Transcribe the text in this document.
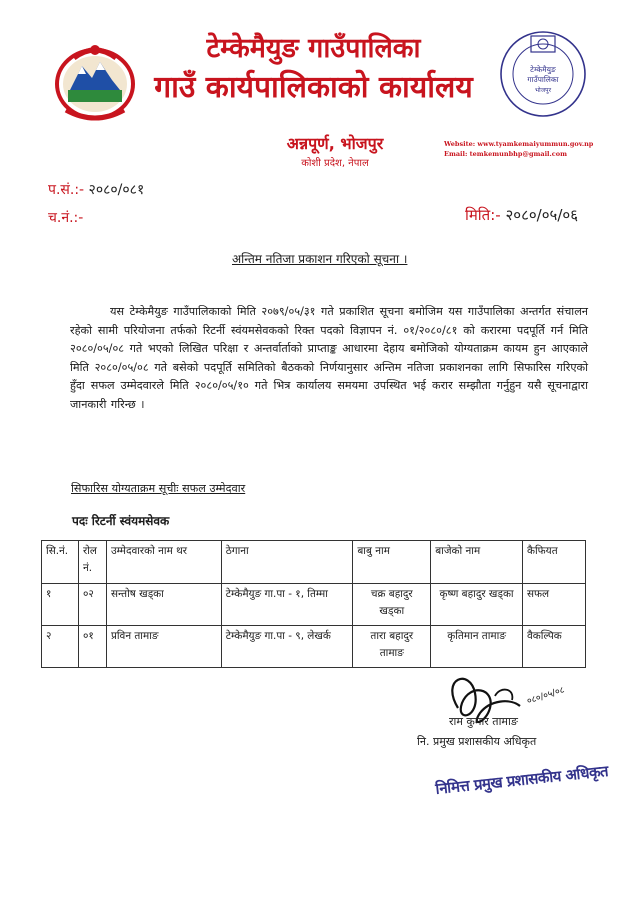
टेम्केमैयुङ गाउँपालिका
गाउँ कार्यपालिकाको कार्यालय
टेम्केमैयुङ
गाउँपालिका
भोजपुर
अन्नपूर्ण, भोजपुर
कोशी प्रदेश, नेपाल
Website: www.tyamkemaiyummun.gov.np
Email: temkemunbhp@gmail.com
प.सं.:- २०८०/०८१
च.नं.:-	मिति:- २०८०/०५/०६
अन्तिम नतिजा प्रकाशन गरिएको सूचना ।
यस टेम्केमैयुङ गाउँपालिकाको मिति २०७९/०५/३१ गते प्रकाशित सूचना बमोजिम यस गाउँपालिका अन्तर्गत संचालन रहेको सामी परियोजना तर्फको रिटर्नी स्वंयमसेवकको रिक्त पदको विज्ञापन नं. ०१/२०८०/८१ को करारमा पदपूर्ति गर्न मिति २०८०/०५/०८ गते भएको लिखित परिक्षा र अन्तर्वार्ताको प्राप्ताङ्क आधारमा देहाय बमोजिको योग्यताक्रम कायम हुन आएकाले मिति २०८०/०५/०८ गते बसेको पदपूर्ति समितिको बैठकको निर्णयानुसार अन्तिम नतिजा प्रकाशनका लागि सिफारिस गरिएको हुँदा सफल उम्मेदवारले मिति २०८०/०५/१० गते भित्र कार्यालय समयमा उपस्थित भई करार सम्झौता गर्नुहुन यसै सूचनाद्वारा जानकारी गरिन्छ ।
सिफारिस योग्यताक्रम सूचीः सफल उम्मेदवार
पदः रिटर्नी स्वंयमसेवक
सि.नं.	रोल नं.	उम्मेदवारको नाम थर	ठेगाना	बाबु नाम	बाजेको नाम	कैफियत
१	०२	सन्तोष खड्का	टेम्केमैयुङ गा.पा - १, तिम्मा	चक्र बहादुर खड्का	कृष्ण बहादुर खड्का	सफल
२	०१	प्रविन तामाङ	टेम्केमैयुङ गा.पा - ९, लेखर्क	तारा बहादुर तामाङ	कृतिमान तामाङ	वैकल्पिक
०८०/०५/०८
राम कुमार तामाङ
नि. प्रमुख प्रशासकीय अधिकृत
निमित्त प्रमुख प्रशासकीय अधिकृत
